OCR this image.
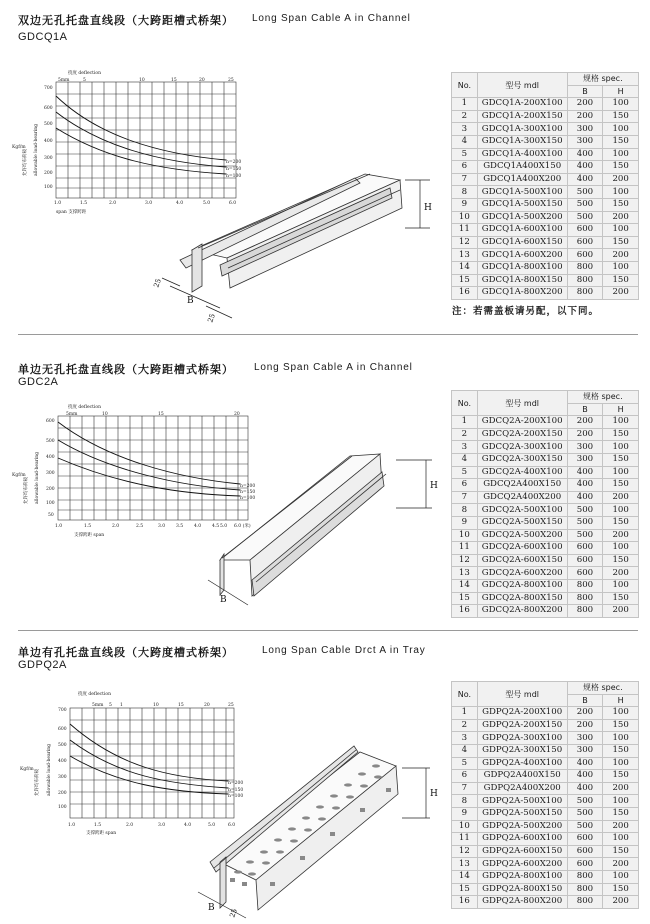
双边无孔托盘直线段（大跨距槽式桥架） Long Span Cable A in Channel
GDCQ1A
挠度 deflection
5mm	5	10	15	20	25
700
600
500
400
300
200
100
1.0	1.5	2.0	3.0	4.0	5.0	6.0
span 支撑跨距
h=200
h=150
h=100
Kgf/m allowable load-bearing
允许均布荷载
H
B
25
25
No.	型号 mdl	规格 spec.	
		B	H
1	GDCQ1A-200X100	200	100
2	GDCQ1A-200X150	200	150
3	GDCQ1A-300X100	300	100
4	GDCQ1A-300X150	300	150
5	GDCQ1A-400X100	400	100
6	GDCQ1A400X150	400	150
7	GDCQ1A400X200	400	200
8	GDCQ1A-500X100	500	100
9	GDCQ1A-500X150	500	150
10	GDCQ1A-500X200	500	200
11	GDCQ1A-600X100	600	100
12	GDCQ1A-600X150	600	150
13	GDCQ1A-600X200	600	200
14	GDCQ1A-800X100	800	100
15	GDCQ1A-800X150	800	150
16	GDCQ1A-800X200	800	200
注：若需盖板请另配，以下同。
单边无孔托盘直线段（大跨距槽式桥架） Long Span Cable A in Channel
GDC2A
挠度 deflection
5mm	10	15	20
600
500
400
300
200
100
50
1.0	1.5	2.0	2.5	3.0 3.5 4.0 4.5 5.0 6.0 (米)
支撑跨距 span
h=200
h=150
h=100
Kgf/m allowable load-bearing
允许均布荷载	H
B
No.	型号 mdl	规格 spec.	
		B	H
1	GDCQ2A-200X100	200	100
2	GDCQ2A-200X150	200	150
3	GDCQ2A-300X100	300	100
4	GDCQ2A-300X150	300	150
5	GDCQ2A-400X100	400	100
6	GDCQ2A400X150	400	150
7	GDCQ2A400X200	400	200
8	GDCQ2A-500X100	500	100
9	GDCQ2A-500X150	500	150
10	GDCQ2A-500X200	500	200
11	GDCQ2A-600X100	600	100
12	GDCQ2A-600X150	600	150
13	GDCQ2A-600X200	600	200
14	GDCQ2A-800X100	800	100
15	GDCQ2A-800X150	800	150
16	GDCQ2A-800X200	800	200
单边有孔托盘直线段（大跨度槽式桥架）	Long Span Cable Drct A in Tray
GDPQ2A
挠度 deflection
5mm 5 1	10	15	20	25
700
600
500
400
300
200
100
1.0	1.5	2.0	3.0	4.0	5.0	6.0
支撑跨距 span
h=200
h=150
h=100
Kgf/m	allowable load-bearing
允许均布荷载	H
B 25
No.	型号 mdl	规格 spec.	
		B	H
1	GDPQ2A-200X100	200	100
2	GDPQ2A-200X150	200	150
3	GDPQ2A-300X100	300	100
4	GDPQ2A-300X150	300	150
5	GDPQ2A-400X100	400	100
6	GDPQ2A400X150	400	150
7	GDPQ2A400X200	400	200
8	GDPQ2A-500X100	500	100
9	GDPQ2A-500X150	500	150
10	GDPQ2A-500X200	500	200
11	GDPQ2A-600X100	600	100
12	GDPQ2A-600X150	600	150
13	GDPQ2A-600X200	600	200
14	GDPQ2A-800X100	800	100
15	GDPQ2A-800X150	800	150
16	GDPQ2A-800X200	800	200
